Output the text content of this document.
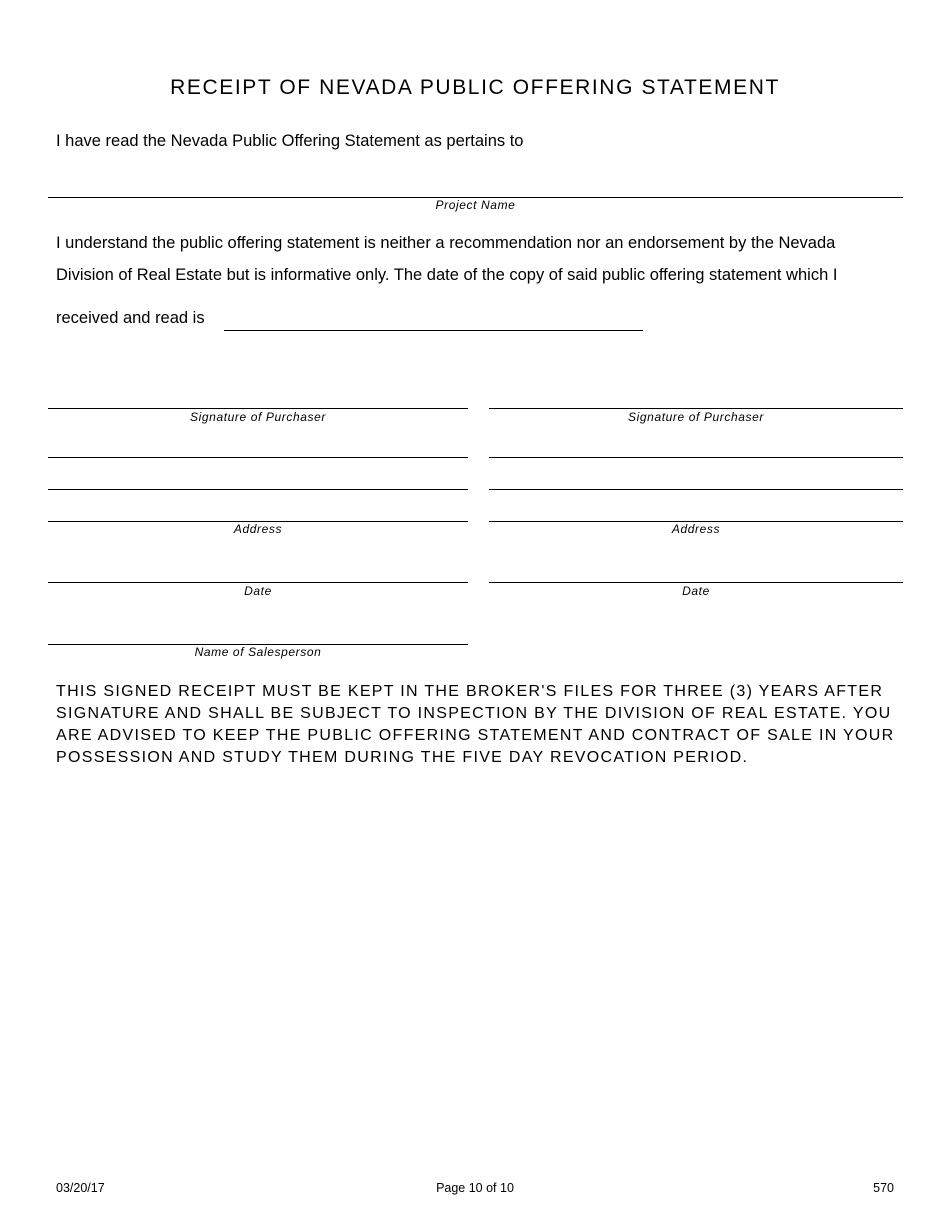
RECEIPT OF NEVADA PUBLIC OFFERING STATEMENT
I have read the Nevada Public Offering Statement as pertains to
Project Name
I understand the public offering statement is neither a recommendation nor an endorsement by the Nevada
Division of Real Estate but is informative only. The date of the copy of said public offering statement which I
received and read is
Signature of Purchaser
Address
Date
Name of Salesperson
Signature of Purchaser
Address
Date
THIS SIGNED RECEIPT MUST BE KEPT IN THE BROKER'S FILES FOR THREE (3) YEARS AFTER SIGNATURE AND SHALL BE SUBJECT TO INSPECTION BY THE DIVISION OF REAL ESTATE. YOU ARE ADVISED TO KEEP THE PUBLIC OFFERING STATEMENT AND CONTRACT OF SALE IN YOUR POSSESSION AND STUDY THEM DURING THE FIVE DAY REVOCATION PERIOD.
03/20/17	Page 10 of 10	570
